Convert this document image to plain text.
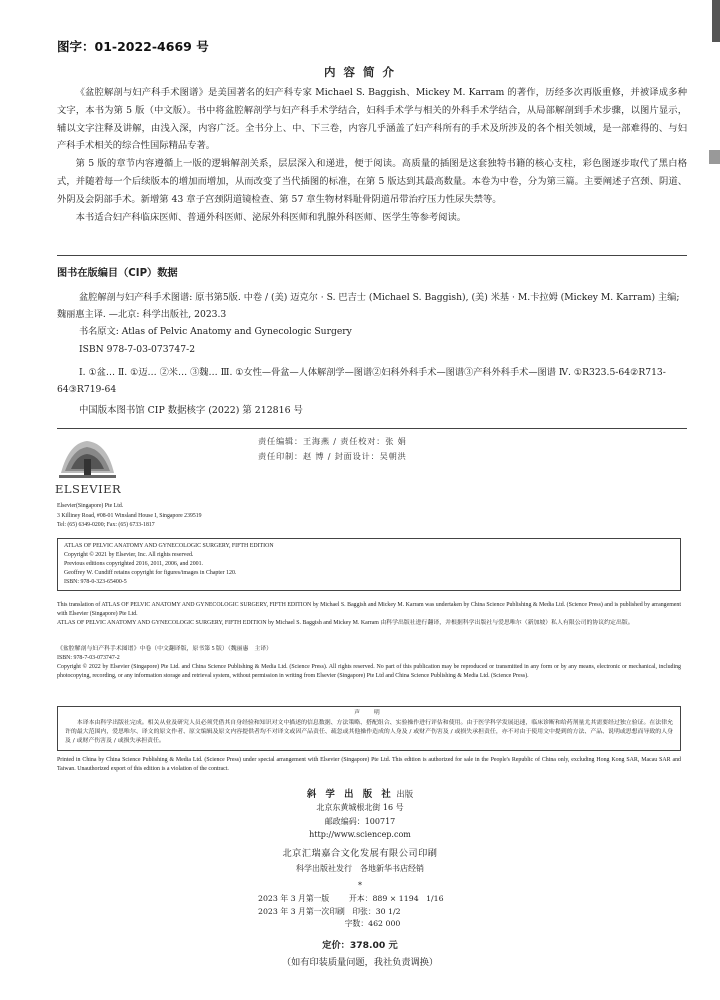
图字：01-2022-4669 号
内 容 简 介

《盆腔解剖与妇产科手术图谱》是美国著名的妇产科专家 Michael S. Baggish、Mickey M. Karram 的著作，历经多次再版重修，并被译成多种文字，本书为第 5 版（中文版）。书中将盆腔解剖学与妇产科手术学结合，妇科手术学与相关的外科手术学结合，从局部解剖到手术步骤，以图片显示，辅以文字注释及讲解，由浅入深，内容广泛。全书分上、中、下三卷，内容几乎涵盖了妇产科所有的手术及所涉及的各个相关领域，是一部难得的、与妇产科手术相关的综合性国际精品专著。

第 5 版的章节内容遵循上一版的逻辑解剖关系，层层深入和递进，便于阅读。高质量的插图是这套独特书籍的核心支柱，彩色图逐步取代了黑白格式，并随着每一个后续版本的增加而增加，从而改变了当代插图的标准，在第 5 版达到其最高数量。本卷为中卷，分为第三篇。主要阐述子宫颈、阴道、外阴及会阴部手术。新增第 43 章子宫颈阴道镜检查、第 57 章生物材料耻骨阴道吊带治疗压力性尿失禁等。

本书适合妇产科临床医师、普通外科医师、泌尿外科医师和乳腺外科医师、医学生等参考阅读。

图书在版编目（CIP）数据
盆腔解剖与妇产科手术图谱: 原书第5版. 中卷 / (美) 迈克尔 · S. 巴吉士 (Michael S. Baggish), (美) 米基 · M.卡拉姆 (Mickey M. Karram) 主编; 魏丽惠主译. —北京: 科学出版社, 2023.3
书名原文: Atlas of Pelvic Anatomy and Gynecologic Surgery
ISBN 978-7-03-073747-2
Ⅰ. ①盆… Ⅱ. ①迈… ②米… ③魏… Ⅲ. ①女性—骨盆—人体解剖学—图谱②妇科外科手术—图谱③产科外科手术—图谱 Ⅳ. ①R323.5-64②R713-64③R719-64
中国版本图书馆 CIP 数据核字 (2022) 第 212816 号
ELSEVIER
责任编辑：王海燕 / 责任校对：张 娟
责任印制：赵 博 / 封面设计：吴朝洪
Elsevier(Singapore) Pte Ltd.
3 Killiney Road, #08-01 Winsland House I, Singapore 239519
Tel: (65) 6349-0200; Fax: (65) 6733-1817
ATLAS OF PELVIC ANATOMY AND GYNECOLOGIC SURGERY, FIFTH EDITION
Copyright © 2021 by Elsevier, Inc. All rights reserved.
Previous editions copyrighted 2016, 2011, 2006, and 2001.
Geoffrey W. Cundiff retains copyright for figures/images in Chapter 120.
ISBN: 978-0-323-65400-5
This translation of ATLAS OF PELVIC ANATOMY AND GYNECOLOGIC SURGERY, FIFTH EDITION by Michael S. Baggish and Mickey M. Karram was undertaken by China Science Publishing & Media Ltd. (Science Press) and is published by arrangement with Elsevier (Singapore) Pte Ltd.
ATLAS OF PELVIC ANATOMY AND GYNECOLOGIC SURGERY, FIFTH EDITION by Michael S. Baggish and Mickey M. Karram 由科学出版社进行翻译，并根据科学出版社与爱思唯尔（新加坡）私人有限公司的协议约定出版。
《盆腔解剖与妇产科手术图谱》中卷（中文翻译版，原书第 5 版）（魏丽惠　主译）
ISBN: 978-7-03-073747-2
Copyright © 2022 by Elsevier (Singapore) Pte Ltd. and China Science Publishing & Media Ltd. (Science Press). All rights reserved. No part of this publication may be reproduced or transmitted in any form or by any means, electronic or mechanical, including photocopying, recording, or any information storage and retrieval system, without permission in writing from Elsevier (Singapore) Pte Ltd and China Science Publishing & Media Ltd. (Science Press).
声　明
本译本由科学出版社完成。相关从业及研究人员必须凭借其自身经验和知识对文中描述的信息数据、方法策略、搭配组合、实验操作进行评估和使用。由于医学科学发展迅速，临床诊断和给药剂量尤其需要经过独立验证。在法律允许的最大范围内，爱思唯尔、译文的原文作者、原文编辑及原文内容提供者均不对译文或因产品责任、疏忽或其他操作造成的人身及 / 或财产伤害及 / 或损失承担责任，亦不对由于使用文中提到的方法、产品、说明或思想而导致的人身及 / 或财产伤害及 / 或损失承担责任。
Printed in China by China Science Publishing & Media Ltd. (Science Press) under special arrangement with Elsevier (Singapore) Pte Ltd. This edition is authorized for sale in the People's Republic of China only, excluding Hong Kong SAR, Macau SAR and Taiwan. Unauthorized export of this edition is a violation of the contract.
斜 学 出 版 社 出版
北京东黄城根北街 16 号
邮政编码：100717
http://www.sciencep.com
北京汇瑞嘉合文化发展有限公司印刷
科学出版社发行　各地新华书店经销
*
2023 年 3 月第一版        开本：889 × 1194   1/16
2023 年 3 月第一次印刷   印张：30 1/2
字数：462 000
定价：378.00 元
（如有印装质量问题，我社负责调换）
